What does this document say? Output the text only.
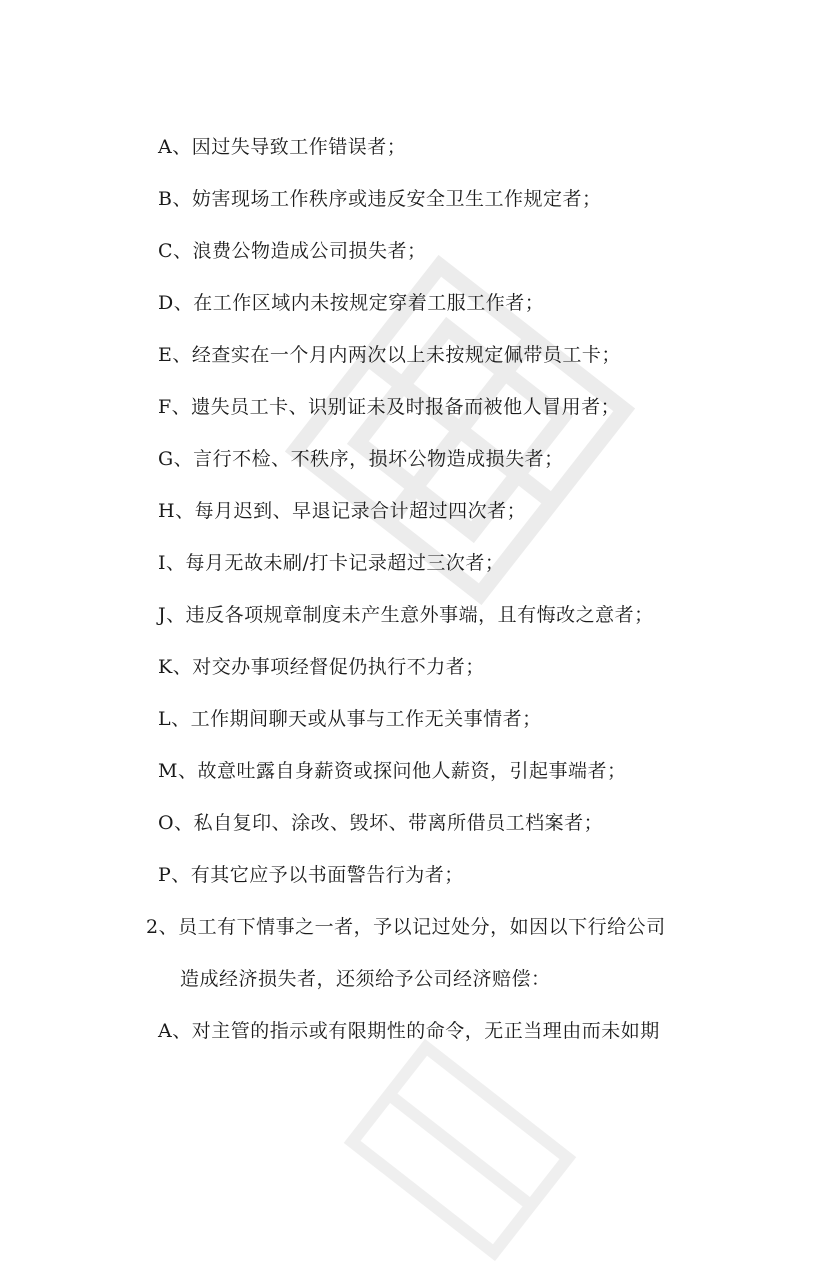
A、因过失导致工作错误者；
B、妨害现场工作秩序或违反安全卫生工作规定者；
C、浪费公物造成公司损失者；
D、在工作区域内未按规定穿着工服工作者；
E、经查实在一个月内两次以上未按规定佩带员工卡；
F、遗失员工卡、识别证未及时报备而被他人冒用者；
G、言行不检、不秩序，损坏公物造成损失者；
H、每月迟到、早退记录合计超过四次者；
I、每月无故未刷/打卡记录超过三次者；
J、违反各项规章制度未产生意外事端，且有悔改之意者；
K、对交办事项经督促仍执行不力者；
L、工作期间聊天或从事与工作无关事情者；
M、故意吐露自身薪资或探问他人薪资，引起事端者；
O、私自复印、涂改、毁坏、带离所借员工档案者；
P、有其它应予以书面警告行为者；
2、员工有下情事之一者，予以记过处分，如因以下行给公司
造成经济损失者，还须给予公司经济赔偿：
A、对主管的指示或有限期性的命令，无正当理由而未如期
